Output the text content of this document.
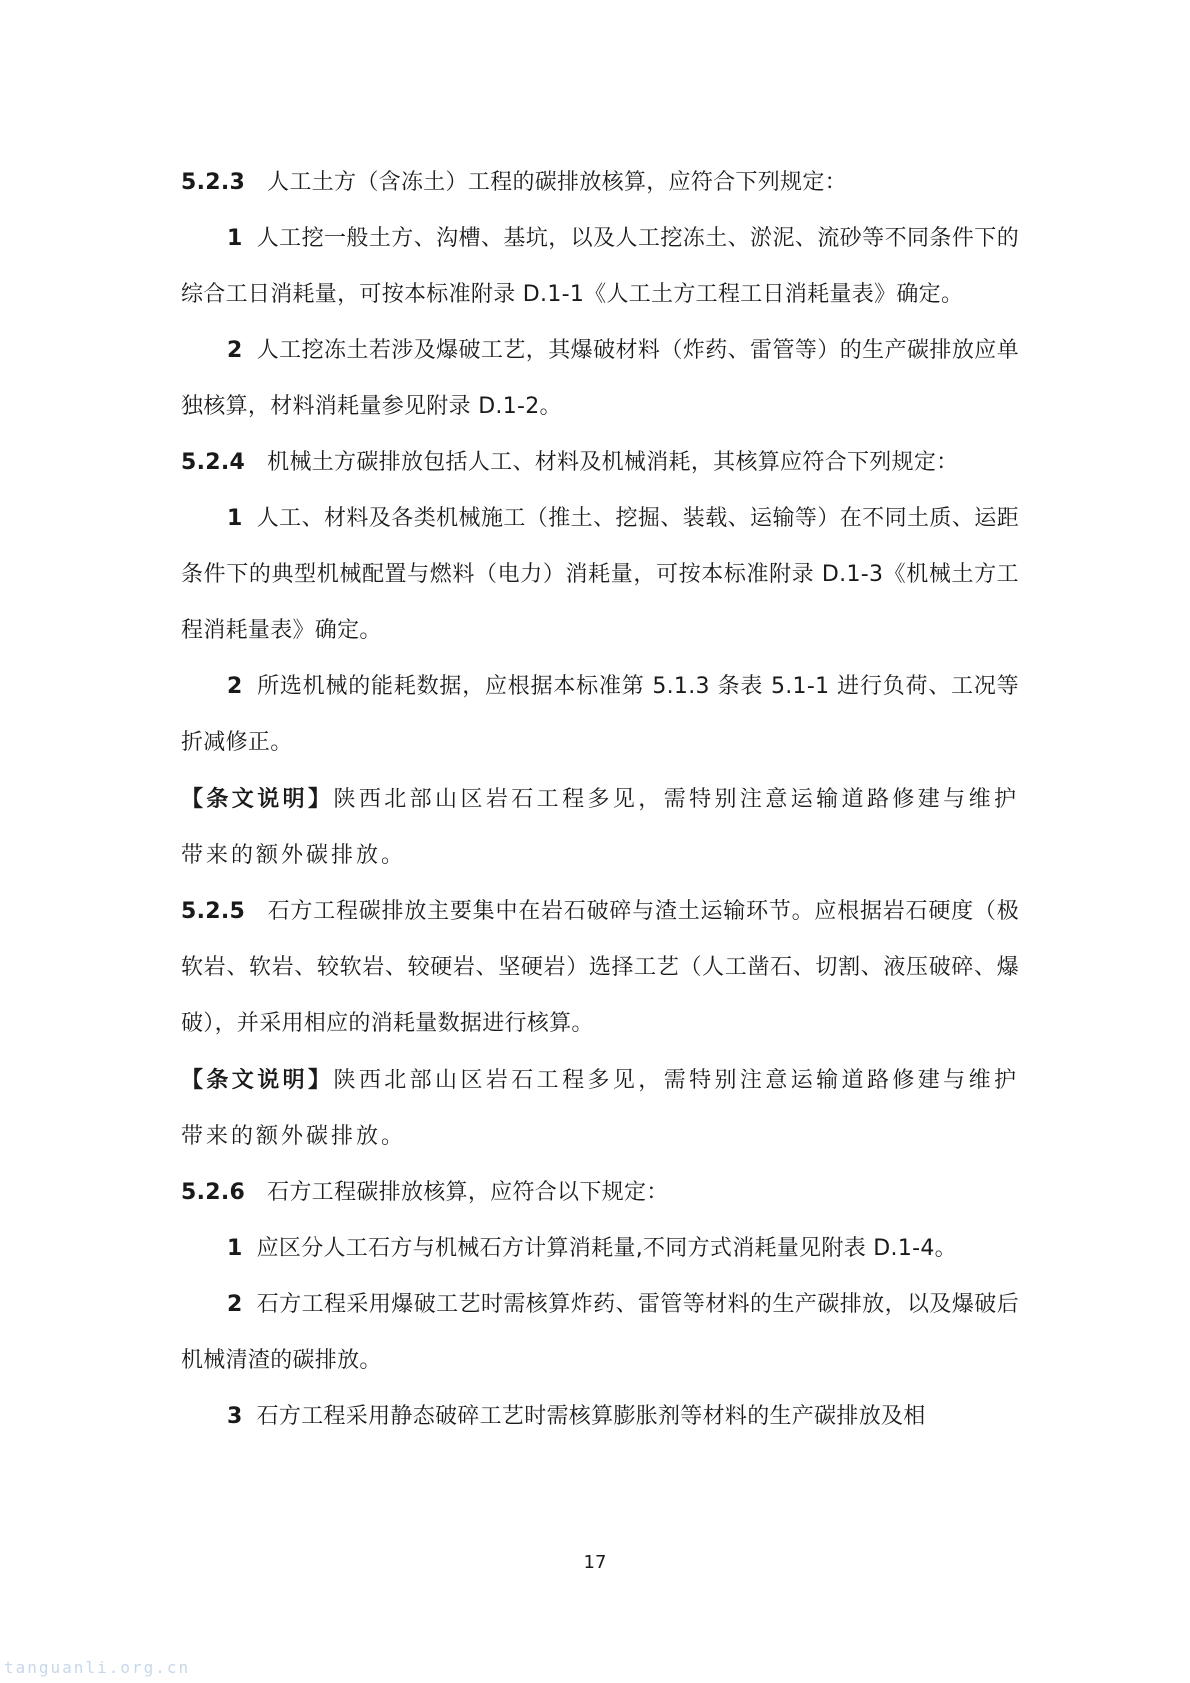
5.2.3 人工土方（含冻土）工程的碳排放核算，应符合下列规定：

1 人工挖一般土方、沟槽、基坑，以及人工挖冻土、淤泥、流砂等不同条件下的综合工日消耗量，可按本标准附录 D.1-1《人工土方工程工日消耗量表》确定。

2 人工挖冻土若涉及爆破工艺，其爆破材料（炸药、雷管等）的生产碳排放应单独核算，材料消耗量参见附录 D.1-2。

5.2.4 机械土方碳排放包括人工、材料及机械消耗，其核算应符合下列规定：

1 人工、材料及各类机械施工（推土、挖掘、装载、运输等）在不同土质、运距条件下的典型机械配置与燃料（电力）消耗量，可按本标准附录 D.1-3《机械土方工程消耗量表》确定。

2 所选机械的能耗数据，应根据本标准第 5.1.3 条表 5.1-1 进行负荷、工况等折减修正。

【条文说明】陕西北部山区岩石工程多见，需特别注意运输道路修建与维护带来的额外碳排放。

5.2.5 石方工程碳排放主要集中在岩石破碎与渣土运输环节。应根据岩石硬度（极软岩、软岩、较软岩、较硬岩、坚硬岩）选择工艺（人工凿石、切割、液压破碎、爆破），并采用相应的消耗量数据进行核算。

【条文说明】陕西北部山区岩石工程多见，需特别注意运输道路修建与维护带来的额外碳排放。

5.2.6 石方工程碳排放核算，应符合以下规定：

1 应区分人工石方与机械石方计算消耗量,不同方式消耗量见附表 D.1-4。

2 石方工程采用爆破工艺时需核算炸药、雷管等材料的生产碳排放，以及爆破后机械清渣的碳排放。

3 石方工程采用静态破碎工艺时需核算膨胀剂等材料的生产碳排放及相

17
tanguanli.org.cn
